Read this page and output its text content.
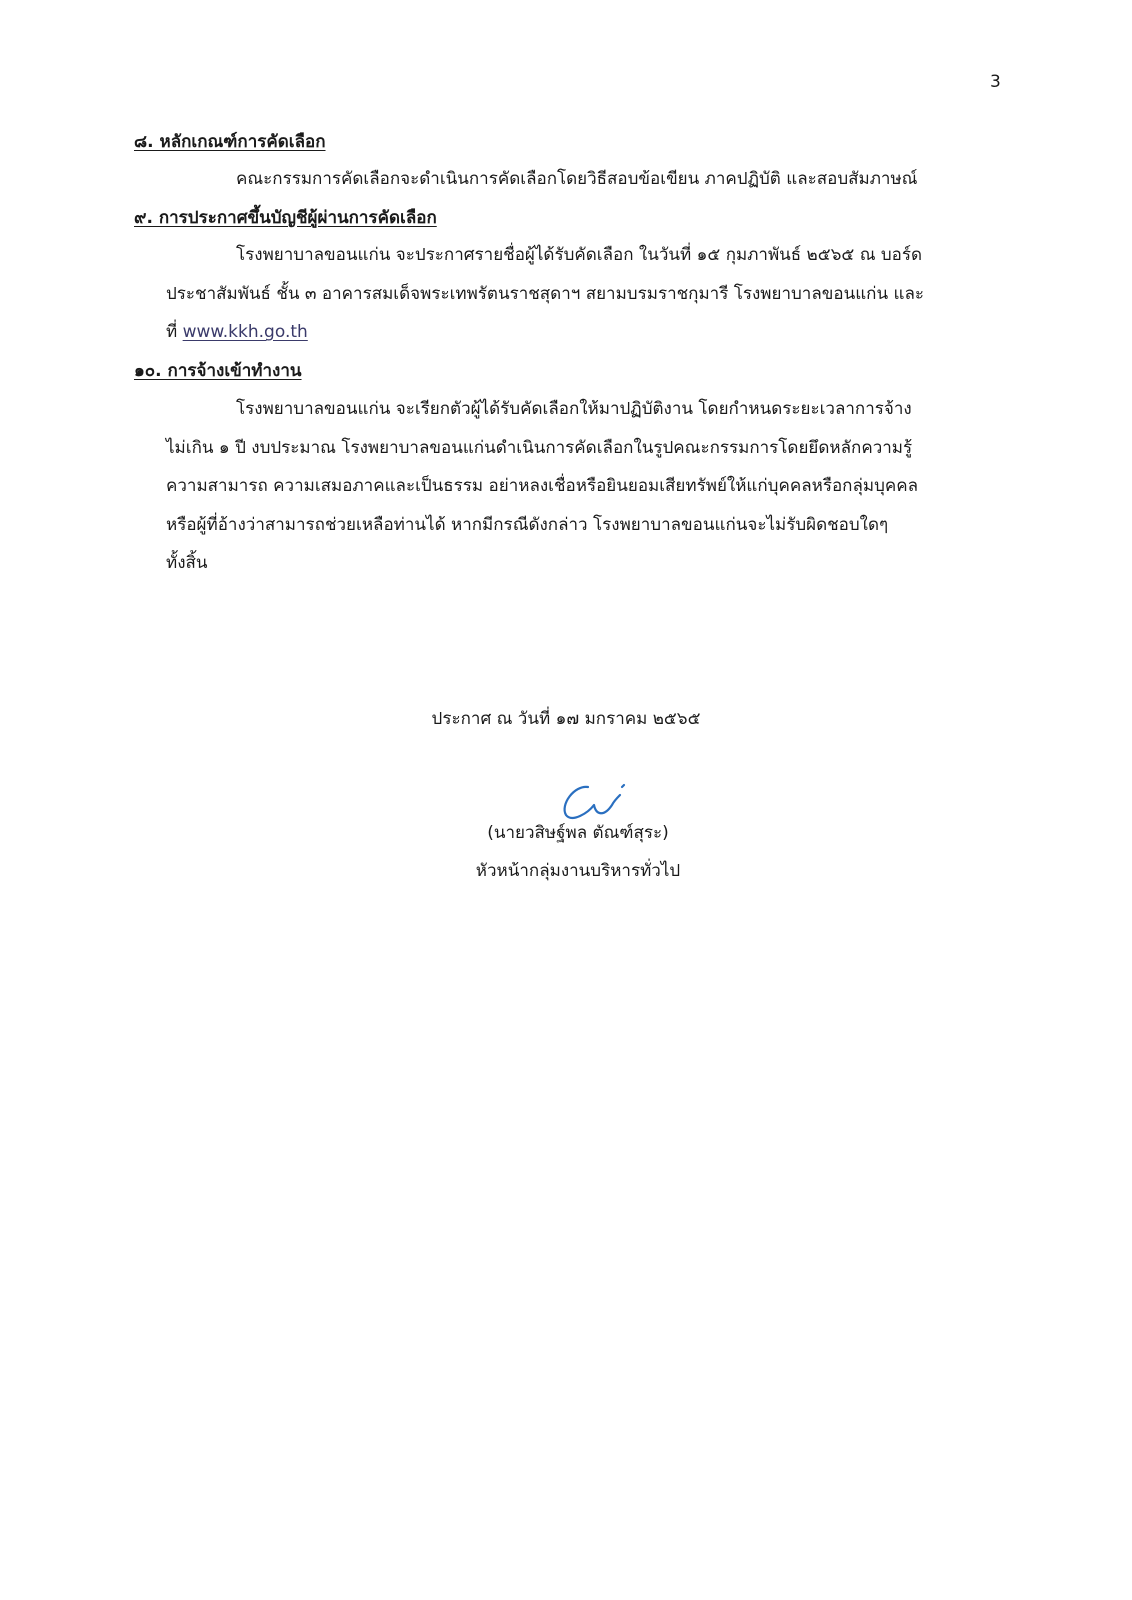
3
๘. หลักเกณฑ์การคัดเลือก
คณะกรรมการคัดเลือกจะดำเนินการคัดเลือกโดยวิธีสอบข้อเขียน ภาคปฏิบัติ และสอบสัมภาษณ์
๙. การประกาศขึ้นบัญชีผู้ผ่านการคัดเลือก
โรงพยาบาลขอนแก่น จะประกาศรายชื่อผู้ได้รับคัดเลือก ในวันที่ ๑๕ กุมภาพันธ์ ๒๕๖๕ ณ บอร์ด
ประชาสัมพันธ์ ชั้น ๓ อาคารสมเด็จพระเทพรัตนราชสุดาฯ สยามบรมราชกุมารี โรงพยาบาลขอนแก่น และ
ที่ www.kkh.go.th
๑๐. การจ้างเข้าทำงาน
โรงพยาบาลขอนแก่น จะเรียกตัวผู้ได้รับคัดเลือกให้มาปฏิบัติงาน โดยกำหนดระยะเวลาการจ้าง
ไม่เกิน ๑ ปี งบประมาณ โรงพยาบาลขอนแก่นดำเนินการคัดเลือกในรูปคณะกรรมการโดยยึดหลักความรู้
ความสามารถ ความเสมอภาคและเป็นธรรม อย่าหลงเชื่อหรือยินยอมเสียทรัพย์ให้แก่บุคคลหรือกลุ่มบุคคล
หรือผู้ที่อ้างว่าสามารถช่วยเหลือท่านได้ หากมีกรณีดังกล่าว โรงพยาบาลขอนแก่นจะไม่รับผิดชอบใดๆ
ทั้งสิ้น
ประกาศ ณ วันที่ ๑๗ มกราคม ๒๕๖๕
(นายวสิษฐ์พล ตัณฑ์สุระ)
หัวหน้ากลุ่มงานบริหารทั่วไป
